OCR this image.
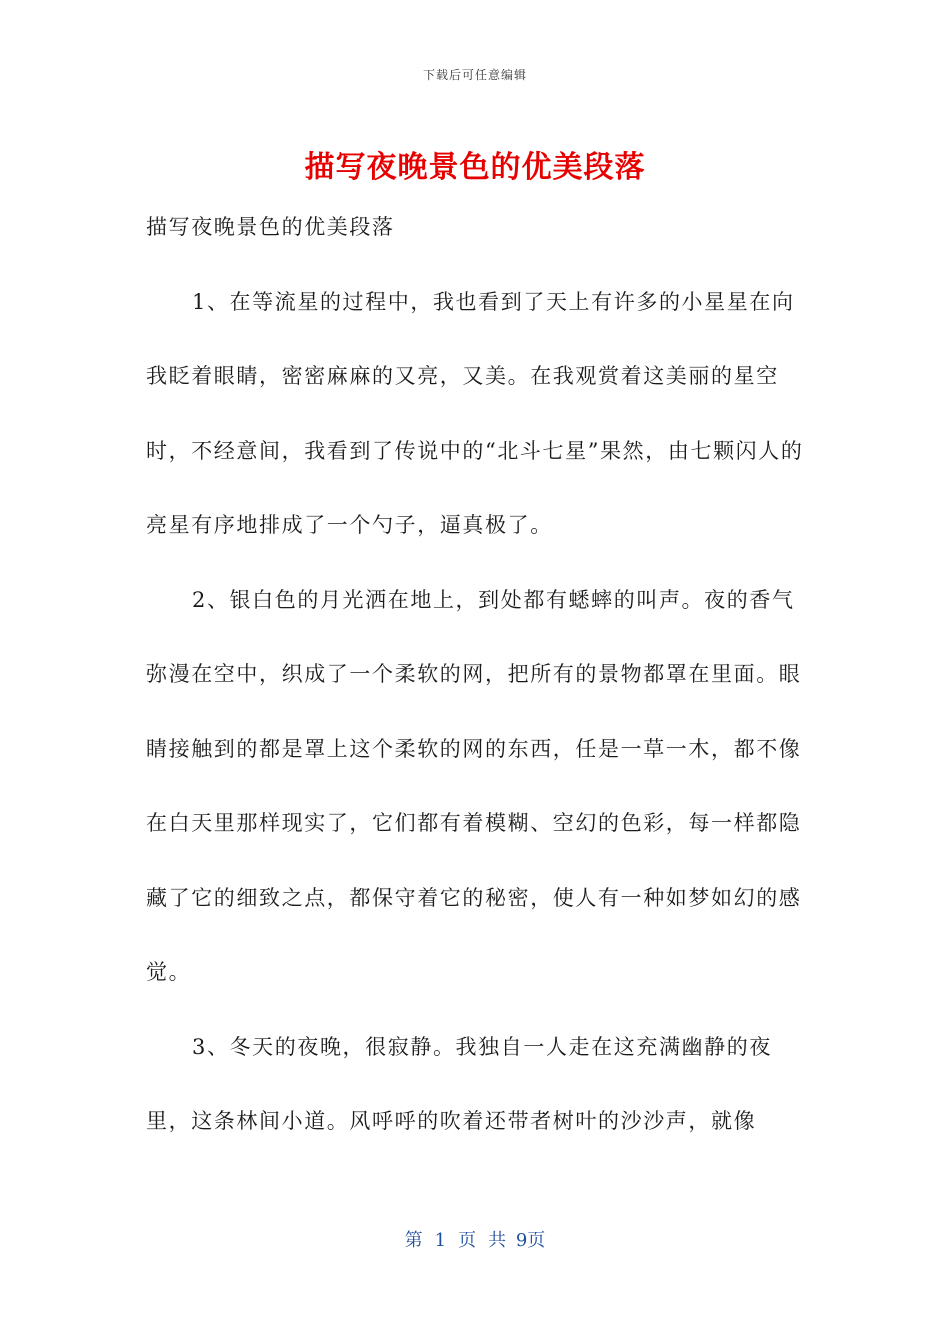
下载后可任意编辑
描写夜晚景色的优美段落

描写夜晚景色的优美段落

1、在等流星的过程中，我也看到了天上有许多的小星星在向我眨着眼睛，密密麻麻的又亮，又美。在我观赏着这美丽的星空时，不经意间，我看到了传说中的“北斗七星”果然，由七颗闪人的亮星有序地排成了一个勺子，逼真极了。

2、银白色的月光洒在地上，到处都有蟋蟀的叫声。夜的香气弥漫在空中，织成了一个柔软的网，把所有的景物都罩在里面。眼睛接触到的都是罩上这个柔软的网的东西，任是一草一木，都不像在白天里那样现实了，它们都有着模糊、空幻的色彩，每一样都隐藏了它的细致之点，都保守着它的秘密，使人有一种如梦如幻的感觉。

3、冬天的夜晚，很寂静。我独自一人走在这充满幽静的夜里，这条林间小道。风呼呼的吹着还带者树叶的沙沙声，就像

第 1 页 共 9页
